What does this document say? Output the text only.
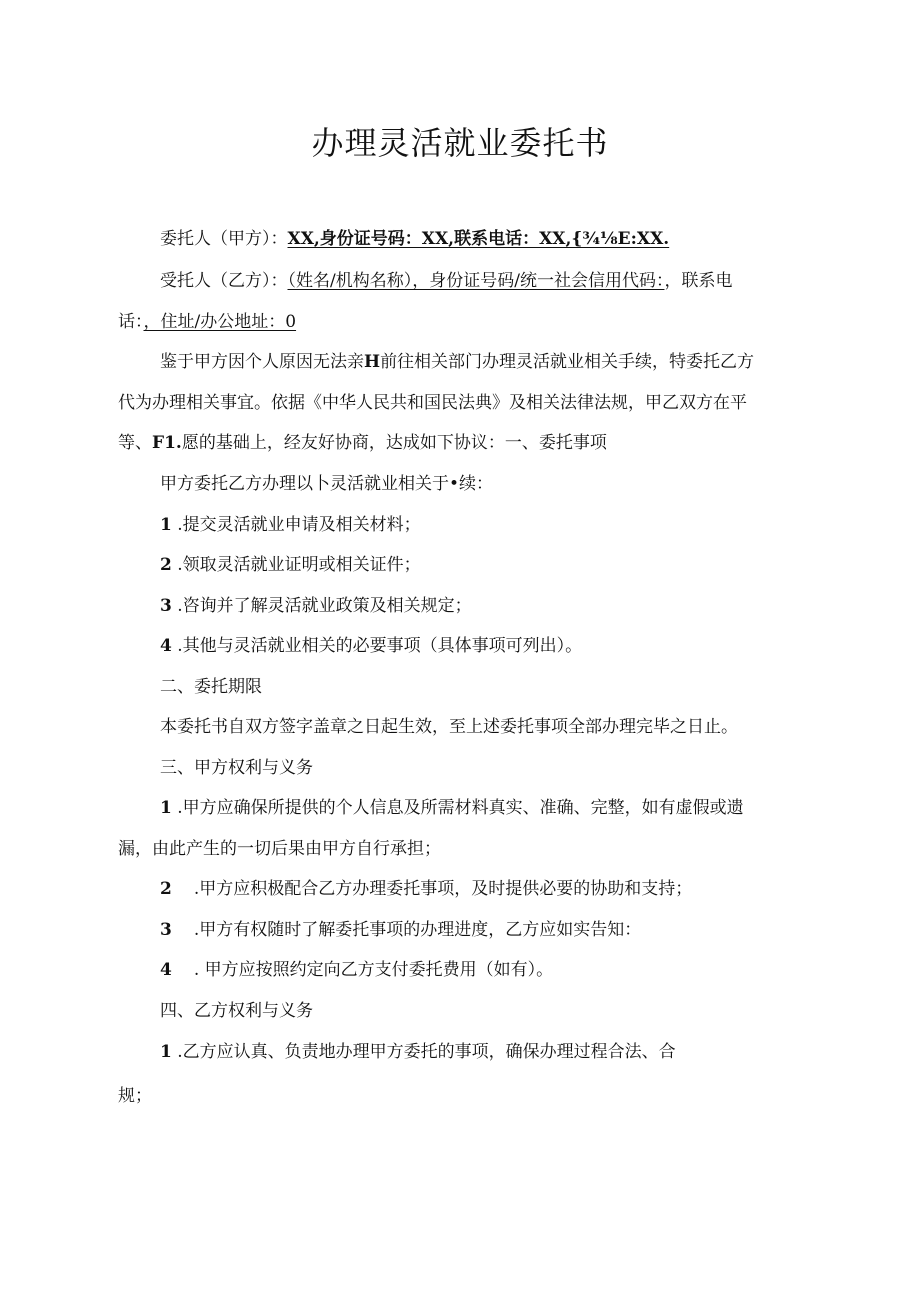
办理灵活就业委托书

委托人（甲方）：XX,身份证号码：XX,联系电话：XX,{¾⅛E:XX.

受托人（乙方）：（姓名/机构名称），身份证号码/统一社会信用代码：，联系电

话：，住址/办公地址：0

鉴于甲方因个人原因无法亲H前往相关部门办理灵活就业相关手续，特委托乙方

代为办理相关事宜。依据《中华人民共和国民法典》及相关法律法规，甲乙双方在平

等、F1.愿的基础上，经友好协商，达成如下协议：一、委托事项

甲方委托乙方办理以卜灵活就业相关于•续：

1 .提交灵活就业申请及相关材料；

2 .领取灵活就业证明或相关证件；

3 .咨询并了解灵活就业政策及相关规定；

4 .其他与灵活就业相关的必要事项（具体事项可列出）。

二、委托期限

本委托书自双方签字盖章之日起生效，至上述委托事项全部办理完毕之日止。

三、甲方权利与义务

1 .甲方应确保所提供的个人信息及所需材料真实、准确、完整，如有虚假或遗

漏，由此产生的一切后果由甲方自行承担；

2 .甲方应积极配合乙方办理委托事项，及时提供必要的协助和支持；

3 .甲方有权随时了解委托事项的办理进度，乙方应如实告知：

4 . 甲方应按照约定向乙方支付委托费用（如有）。

四、乙方权利与义务

1 .乙方应认真、负责地办理甲方委托的事项，确保办理过程合法、合

规；
